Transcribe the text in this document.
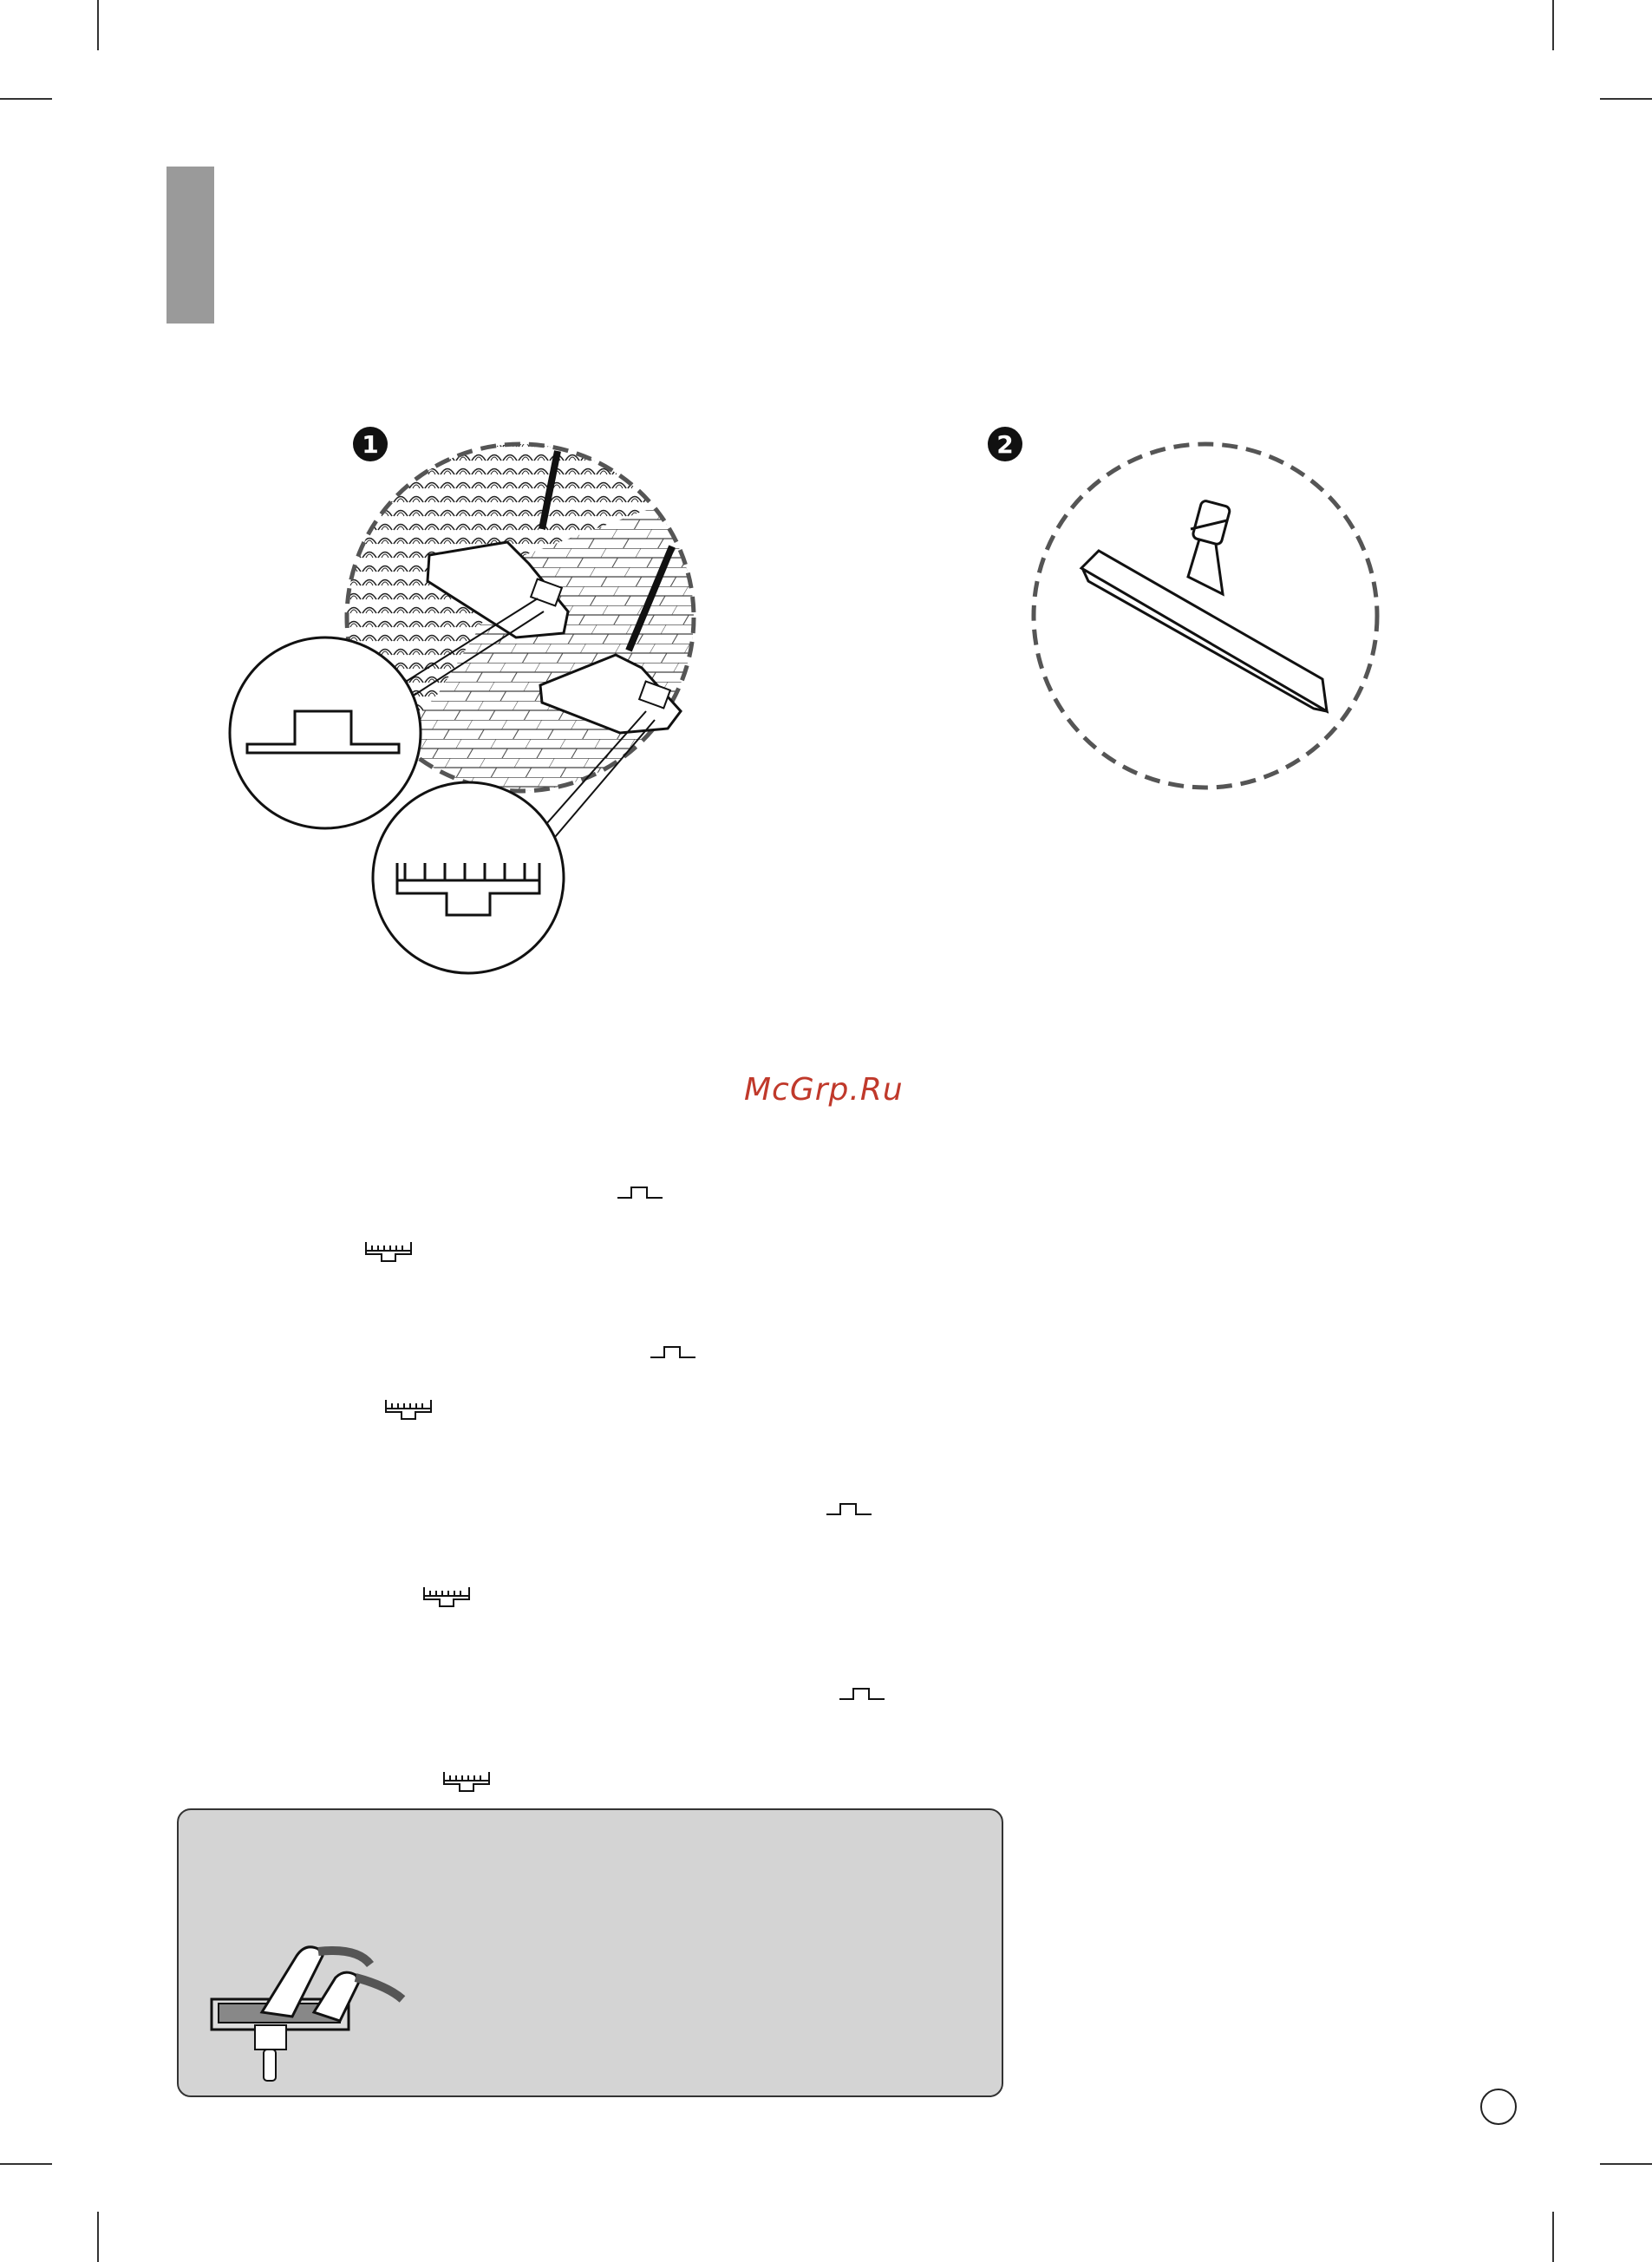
1	2
McGrp.Ru
